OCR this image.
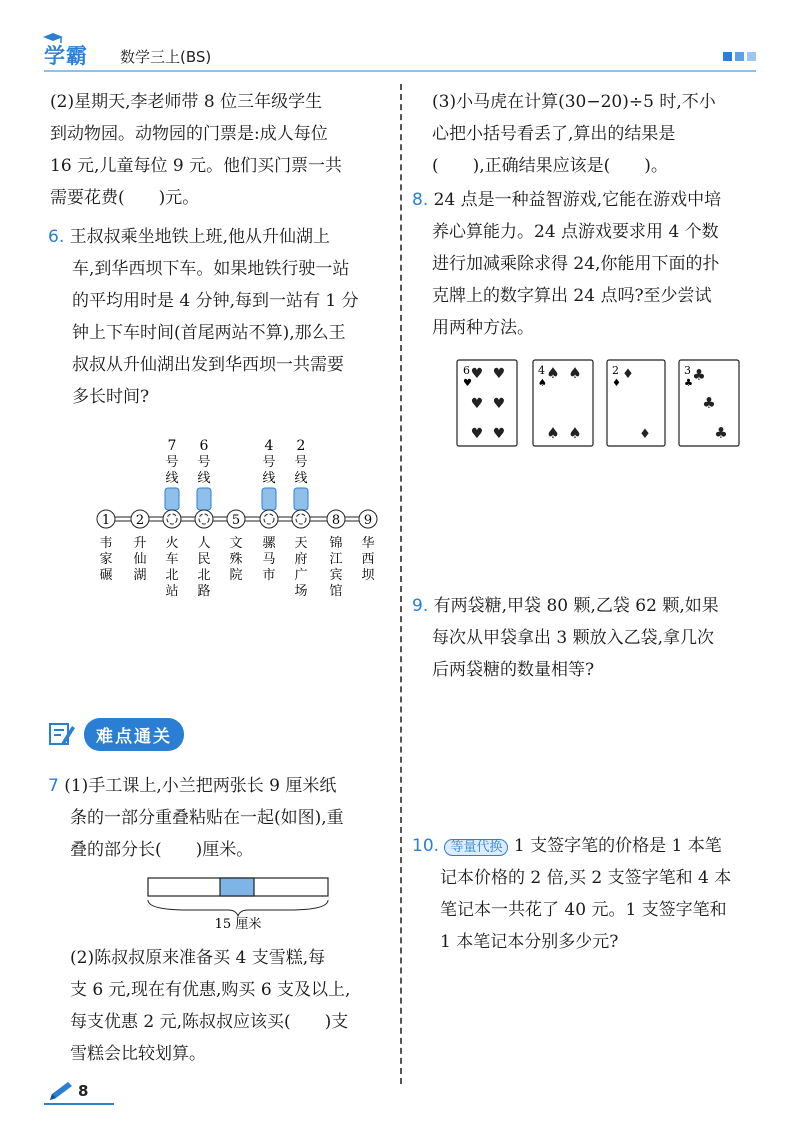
学霸 数学三上(BS)
(2)星期天,李老师带 8 位三年级学生
到动物园。动物园的门票是:成人每位
16 元,儿童每位 9 元。他们买门票一共
需要花费(　　)元。
6. 王叔叔乘坐地铁上班,他从升仙湖上
车,到华西坝下车。如果地铁行驶一站
的平均用时是 4 分钟,每到一站有 1 分
钟上下车时间(首尾两站不算),那么王
叔叔从升仙湖出发到华西坝一共需要
多长时间?
7
号
线
6
号
线
4
号
线
2
号
线
1 2	5	8 9
韦
家
碾
升
仙
湖
火
车
北
站
人
民
北
路
文
殊
院
骡
马
市
天
府
广
场
锦
江
宾
馆
华
西
坝
难点通关
7 (1)手工课上,小兰把两张长 9 厘米纸
条的一部分重叠粘贴在一起(如图),重
叠的部分长(　　)厘米。
15 厘米
(2)陈叔叔原来准备买 4 支雪糕,每
支 6 元,现在有优惠,购买 6 支及以上,
每支优惠 2 元,陈叔叔应该买(　　)支
雪糕会比较划算。
(3)小马虎在计算(30−20)÷5 时,不小
心把小括号看丢了,算出的结果是
(　　),正确结果应该是(　　)。
8. 24 点是一种益智游戏,它能在游戏中培
养心算能力。24 点游戏要求用 4 个数
进行加减乘除求得 24,你能用下面的扑
克牌上的数字算出 24 点吗?至少尝试
用两种方法。
6
♥
♥ ♥
♥ ♥
♥ ♥
4
♠
♠ ♠
♠ ♠
2
♦
♦
♦
3
♣ ♣
♣
♣
9. 有两袋糖,甲袋 80 颗,乙袋 62 颗,如果
每次从甲袋拿出 3 颗放入乙袋,拿几次
后两袋糖的数量相等?
10. 等量代换 1 支签字笔的价格是 1 本笔
记本价格的 2 倍,买 2 支签字笔和 4 本
笔记本一共花了 40 元。1 支签字笔和
1 本笔记本分别多少元?
8
